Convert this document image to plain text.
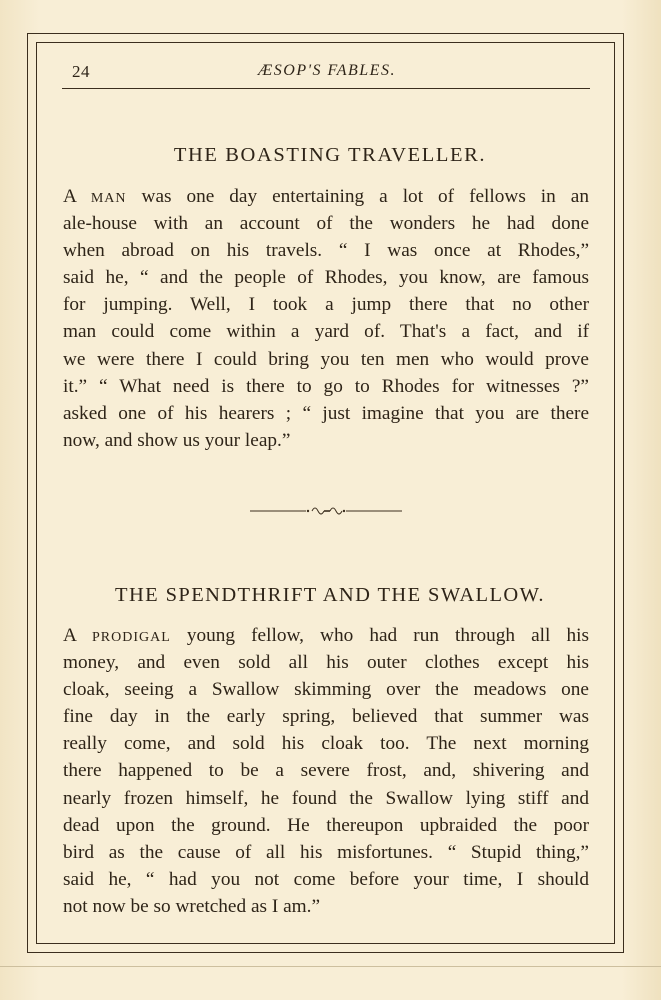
24	ÆSOP'S FABLES.
THE BOASTING TRAVELLER.
A man was one day entertaining a lot of fellows in an
ale-house with an account of the wonders he had done
when abroad on his travels. “ I was once at Rhodes,”
said he, “ and the people of Rhodes, you know, are famous
for jumping. Well, I took a jump there that no other
man could come within a yard of. That's a fact, and if
we were there I could bring you ten men who would prove
it.” “ What need is there to go to Rhodes for witnesses ?”
asked one of his hearers ; “ just imagine that you are there
now, and show us your leap.”
THE SPENDTHRIFT AND THE SWALLOW.
A prodigal young fellow, who had run through all his
money, and even sold all his outer clothes except his
cloak, seeing a Swallow skimming over the meadows one
fine day in the early spring, believed that summer was
really come, and sold his cloak too. The next morning
there happened to be a severe frost, and, shivering and
nearly frozen himself, he found the Swallow lying stiff and
dead upon the ground. He thereupon upbraided the poor
bird as the cause of all his misfortunes. “ Stupid thing,”
said he, “ had you not come before your time, I should
not now be so wretched as I am.”
